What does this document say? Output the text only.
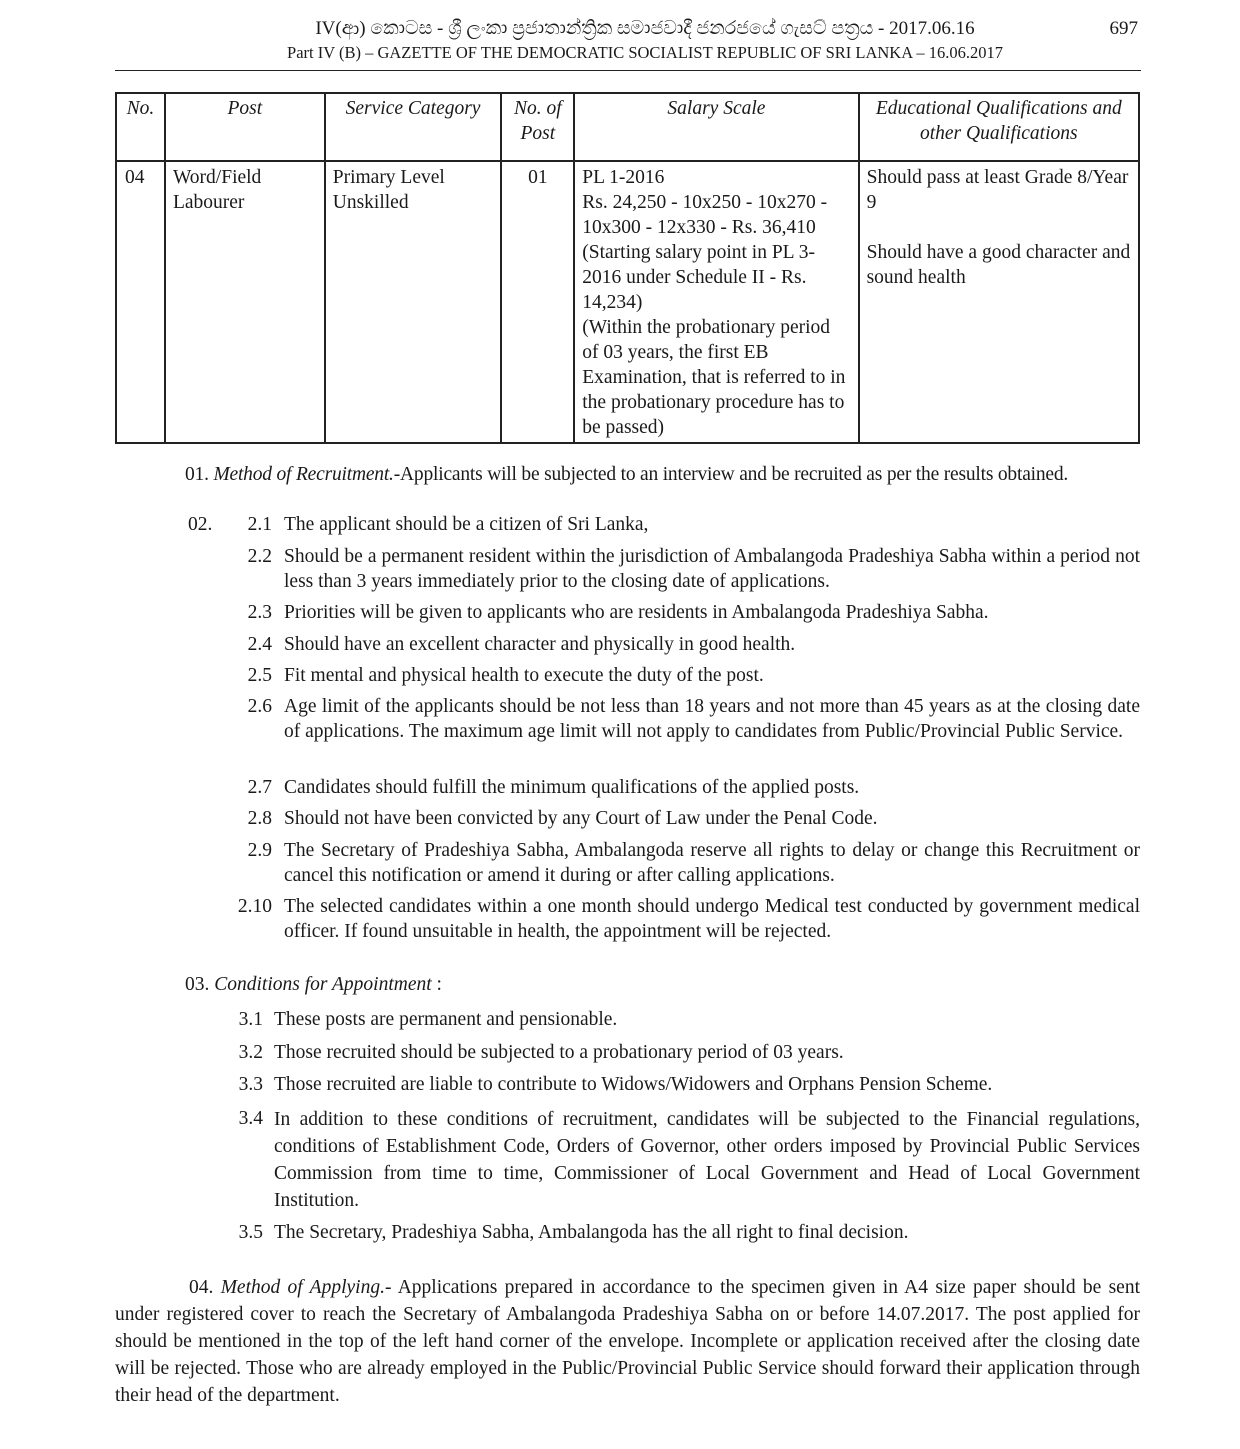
IV(ආ) කොටස - ශ්‍රී ලංකා ප්‍රජාතාන්ත්‍රික සමාජවාදී ජනරජයේ ගැසට් පත්‍රය - 2017.06.16	697
Part IV (B) – GAZETTE OF THE DEMOCRATIC SOCIALIST REPUBLIC OF SRI LANKA – 16.06.2017
No.	Post	Service Category	No. of Post	Salary Scale	Educational Qualifications and other Qualifications
04	Word/Field Labourer	Primary Level Unskilled	01	PL 1-2016
Rs. 24,250 - 10x250 - 10x270 - 10x300 - 12x330 - Rs. 36,410
(Starting salary point in PL 3-2016 under Schedule II - Rs. 14,234)
(Within the probationary period of 03 years, the first EB Examination, that is referred to in the probationary procedure has to be passed)	Should pass at least Grade 8/Year 9
Should have a good character and sound health
01. Method of Recruitment.-Applicants will be subjected to an interview and be recruited as per the results obtained.
02.	2.1 The applicant should be a citizen of Sri Lanka,
2.2 Should be a permanent resident within the jurisdiction of Ambalangoda Pradeshiya Sabha within a period not less than 3 years immediately prior to the closing date of applications.
2.3 Priorities will be given to applicants who are residents in Ambalangoda Pradeshiya Sabha.
2.4 Should have an excellent character and physically in good health.
2.5 Fit mental and physical health to execute the duty of the post.
2.6 Age limit of the applicants should be not less than 18 years and not more than 45 years as at the closing date of applications. The maximum age limit will not apply to candidates from Public/Provincial Public Service.
2.7 Candidates should fulfill the minimum qualifications of the applied posts.
2.8 Should not have been convicted by any Court of Law under the Penal Code.
2.9 The Secretary of Pradeshiya Sabha, Ambalangoda reserve all rights to delay or change this Recruitment or cancel this notification or amend it during or after calling applications.
2.10 The selected candidates within a one month should undergo Medical test conducted by government medical officer. If found unsuitable in health, the appointment will be rejected.
03. Conditions for Appointment :
3.1 These posts are permanent and pensionable.
3.2 Those recruited should be subjected to a probationary period of 03 years.
3.3 Those recruited are liable to contribute to Widows/Widowers and Orphans Pension Scheme.
3.4 In addition to these conditions of recruitment, candidates will be subjected to the Financial regulations, conditions of Establishment Code, Orders of Governor, other orders imposed by Provincial Public Services Commission from time to time, Commissioner of Local Government and Head of Local Government Institution.
3.5 The Secretary, Pradeshiya Sabha, Ambalangoda has the all right to final decision.
04. Method of Applying.- Applications prepared in accordance to the specimen given in A4 size paper should be sent under registered cover to reach the Secretary of Ambalangoda Pradeshiya Sabha on or before 14.07.2017. The post applied for should be mentioned in the top of the left hand corner of the envelope. Incomplete or application received after the closing date will be rejected. Those who are already employed in the Public/Provincial Public Service should forward their application through their head of the department.
